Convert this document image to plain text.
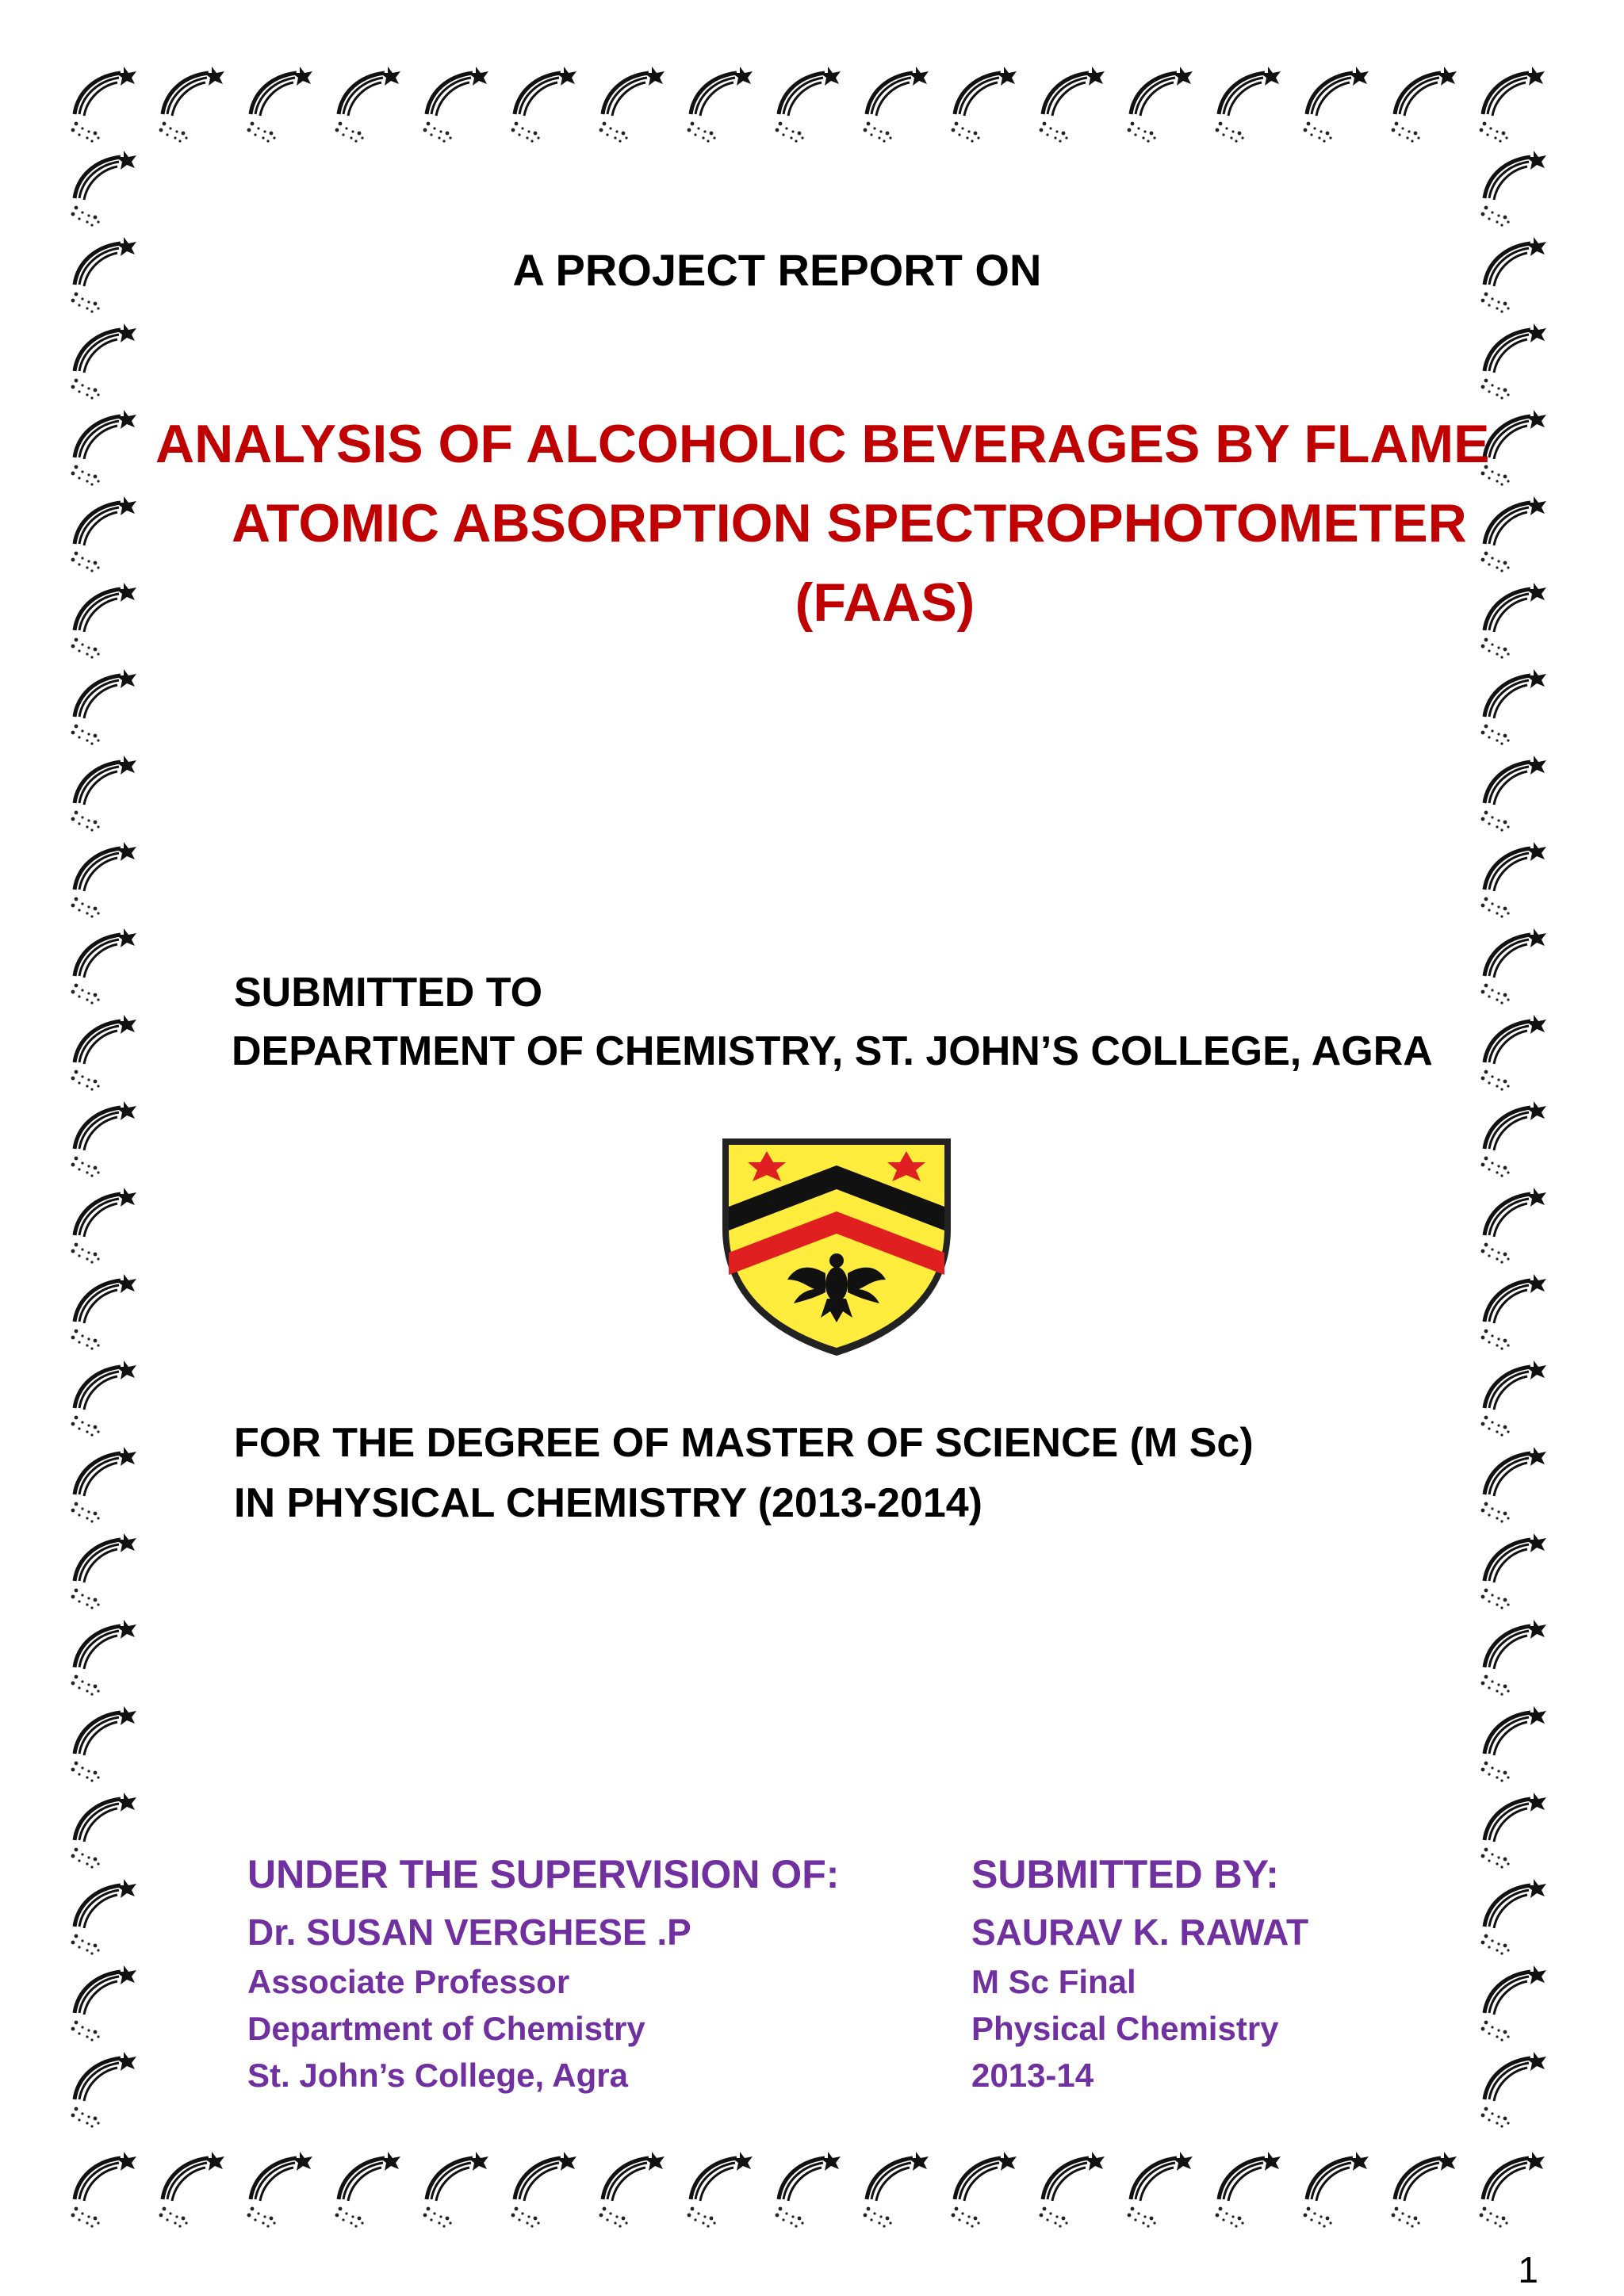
A PROJECT REPORT ON
ANALYSIS OF ALCOHOLIC BEVERAGES BY FLAME
ATOMIC ABSORPTION SPECTROPHOTOMETER
(FAAS)
SUBMITTED TO
DEPARTMENT OF CHEMISTRY, ST. JOHN’S COLLEGE, AGRA
FOR THE DEGREE OF MASTER OF SCIENCE (M Sc)
IN PHYSICAL CHEMISTRY (2013-2014)
UNDER THE SUPERVISION OF:
Dr. SUSAN VERGHESE .P
Associate Professor
Department of Chemistry
St. John’s College, Agra
SUBMITTED BY:
SAURAV K. RAWAT
M Sc Final
Physical Chemistry
2013-14
1
